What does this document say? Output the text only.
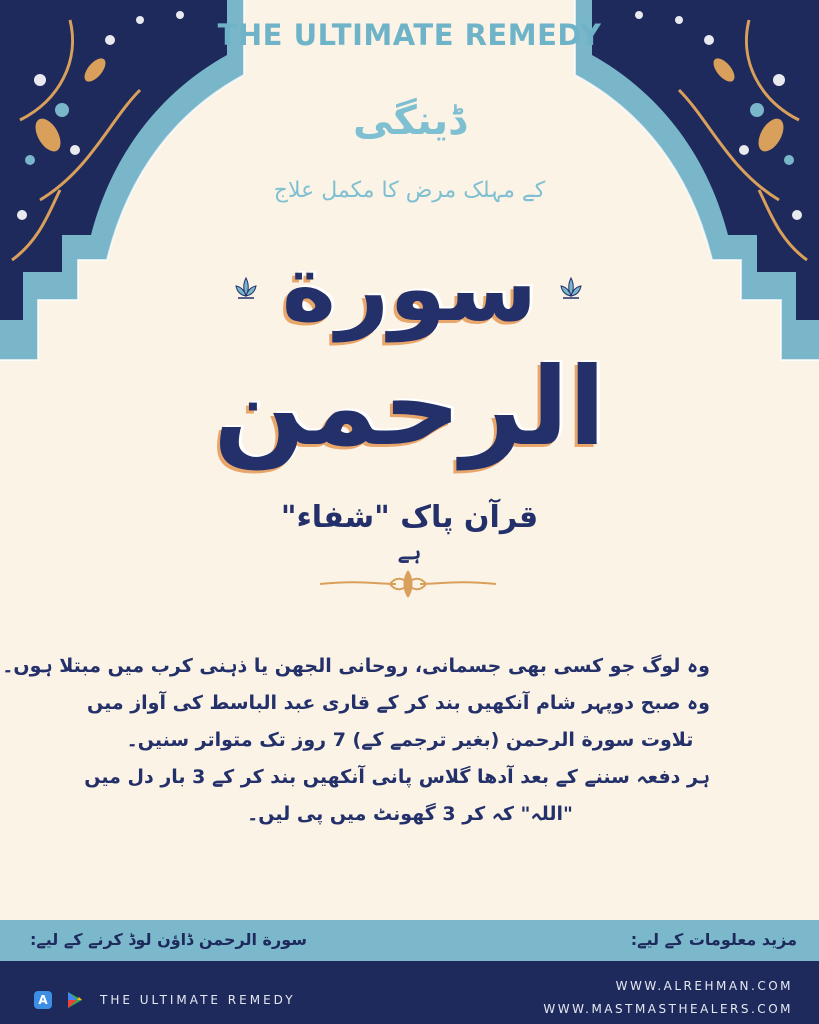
THE ULTIMATE REMEDY
ڈینگی
کے مہلک مرض کا مکمل علاج
سورة
الرحمن
قرآن پاک "شفاء"
ہے
وہ لوگ جو کسی بھی جسمانی، روحانی الجھن یا ذہنی کرب میں مبتلا ہوں۔
وہ صبح دوپہر شام آنکھیں بند کر کے قاری عبد الباسط کی آواز میں
تلاوت سورة الرحمن (بغیر ترجمے کے) 7 روز تک متواتر سنیں۔
ہر دفعہ سننے کے بعد آدھا گلاس پانی آنکھیں بند کر کے 3 بار دل میں
"اللہ" کہ کر 3 گھونٹ میں پی لیں۔
مزید معلومات کے لیے:
سورة الرحمن ڈاؤن لوڈ کرنے کے لیے:
A	THE ULTIMATE REMEDY
WWW.ALREHMAN.COM
WWW.MASTMASTHEALERS.COM
